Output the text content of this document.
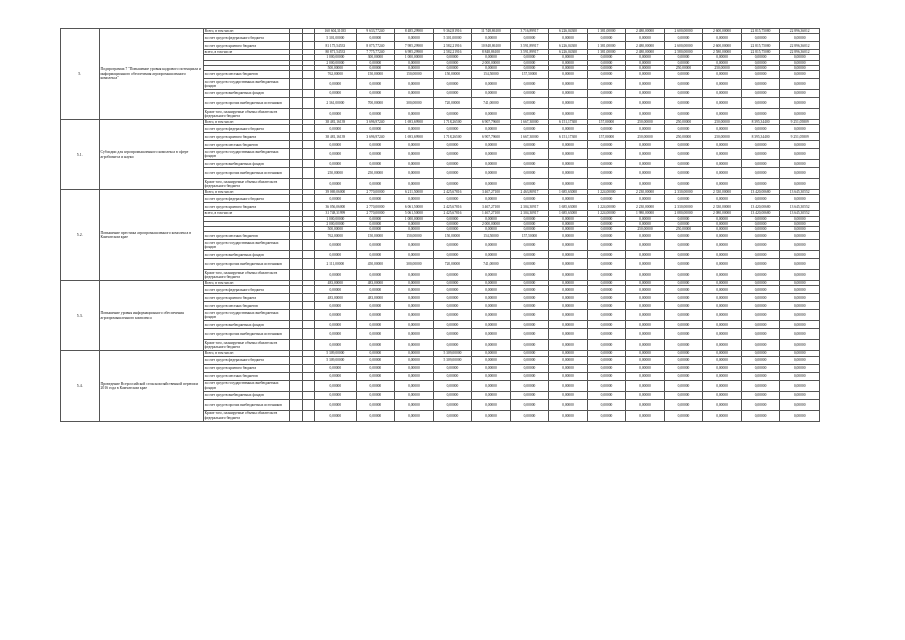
5.	Подпрограмма 7 "Повышение уровня кадрового потенциала и информационного обеспечения агропромышленного комплекса"	Всего, в том числе:			160 604,31035	9 633,77240	8 485,29900	9 362,81916	11 748,86100	3 716,89917	6 226,04300	1 381,00000	2 480,00000	2 600,00000	2 600,00000	22 815,75080	22 896,36012
		за счет средств федерального бюджета			5 301,00000	0,00000	0,00000	5 301,00000	0,00000	0,00000	0,00000	0,00000	0,00000	0,00000	0,00000	0,00000	0,00000
		за счет средств краевого бюджета			81 175,54533	8 075,77240	7 985,29900	2 582,21916	10 848,86100	3 591,89917	6 226,04300	1 381,00000	2 480,00000	2 600,00000	2 600,00000	22 815,75080	22 896,36012
		всего, в том числе			80 871,54533	7 775,77240	6 985,29900	2 582,21916	8 848,86100	3 591,89917	6 226,04300	1 381,00000	2 480,00000	2 580,00000	2 580,00000	22 815,75080	22 896,36012
					1 000,00000	300,00000	1 000,00000	0,00000	0,00000	0,00000	0,00000	0,00000	0,00000	0,00000	0,00000	0,00000	0,00000
					2 000,00000	0,00000	0,00000	0,00000	2 000,00000	0,00000	0,00000	0,00000	0,00000	0,00000	0,00000	0,00000	0,00000
					500,00000	0,00000	0,00000	0,00000	0,00000	0,00000	0,00000	0,00000	0,00000	250,00000	250,00000	0,00000	0,00000
		за счет средств местных бюджетов			762,00000	150,00000	150,00000	150,00000	154,50000	157,50000	0,00000	0,00000	0,00000	0,00000	0,00000	0,00000	0,00000
		за счет средств государственных внебюджетных фондов			0,00000	0,00000	0,00000	0,00000	0,00000	0,00000	0,00000	0,00000	0,00000	0,00000	0,00000	0,00000	0,00000
		за счет средств внебюджетных фондов			0,00000	0,00000	0,00000	0,00000	0,00000	0,00000	0,00000	0,00000	0,00000	0,00000	0,00000	0,00000	0,00000
		за счет средств прочих внебюджетных источников			2 361,00000	700,00000	300,00000	720,00000	741,00000	0,00000	0,00000	0,00000	0,00000	0,00000	0,00000	0,00000	0,00000
		Кроме того, планируемые объемы обязательств федерального бюджета			0,00000	0,00000	0,00000	0,00000	0,00000	0,00000	0,00000	0,00000	0,00000	0,00000	0,00000	0,00000	0,00000
5.1.	Субсидии для агропромышленного комплекса в сфере агробизнеса и науки	Всего, в том числе:			38 481,16139	3 696,97240	1 693,69900	1 718,26500	6 907,79600	1 667,30000	6 151,17300	157,00000	250,00000	250,00000	250,00000	8 395,34400	9 251,05809
		за счет средств федерального бюджета			0,00000	0,00000	0,00000	0,00000	0,00000	0,00000	0,00000	0,00000	0,00000	0,00000	0,00000	0,00000	0,00000
		за счет средств краевого бюджета			38 481,16139	3 696,97240	1 693,69900	1 718,26500	6 907,79600	1 667,30000	6 151,17300	157,00000	250,00000	250,00000	250,00000	8 395,34400	9 251,05809
		за счет средств местных бюджетов			0,00000	0,00000	0,00000	0,00000	0,00000	0,00000	0,00000	0,00000	0,00000	0,00000	0,00000	0,00000	0,00000
		за счет средств государственных внебюджетных фондов			0,00000	0,00000	0,00000	0,00000	0,00000	0,00000	0,00000	0,00000	0,00000	0,00000	0,00000	0,00000	0,00000
		за счет средств внебюджетных фондов			0,00000	0,00000	0,00000	0,00000	0,00000	0,00000	0,00000	0,00000	0,00000	0,00000	0,00000	0,00000	0,00000
		за счет средств прочих внебюджетных источников			250,00000	250,00000	0,00000	0,00000	0,00000	0,00000	0,00000	0,00000	0,00000	0,00000	0,00000	0,00000	0,00000
		Кроме того, планируемые объемы обязательств федерального бюджета			0,00000	0,00000	0,00000	0,00000	0,00000	0,00000	0,00000	0,00000	0,00000	0,00000	0,00000	0,00000	0,00000
5.2.	Повышение престижа агропромышленного комплекса в Камчатском крае	Всего, в том числе:			39 069,06000	2 770,00000	6 211,50000	2 425,67816	3 467,27100	2 463,80917	1 685,63000	1 224,00000	2 230,00000	2 330,00000	2 330,00000	13 420,00680	13 645,30552
		за счет средств федерального бюджета			0,00000	0,00000	0,00000	0,00000	0,00000	0,00000	0,00000	0,00000	0,00000	0,00000	0,00000	0,00000	0,00000
		за счет средств краевого бюджета			36 056,06000	2 770,00000	6 061,50000	2 425,67816	3 467,27100	2 304,30917	1 685,63000	1 224,00000	2 230,00000	2 330,00000	2 330,00000	13 420,00680	13 645,30552
		всего, в том числе			31 748,31999	2 770,00000	5 061,50000	2 425,67816	1 467,27100	2 304,30917	1 685,63000	1 224,00000	1 980,00000	2 080,00000	2 080,00000	13 420,00680	13 645,30552
					1 000,00000	0,00000	1 000,00000	0,00000	0,00000	0,00000	0,00000	0,00000	0,00000	0,00000	0,00000	0,00000	0,00000
					2 000,00000	0,00000	0,00000	0,00000	2 000,00000	0,00000	0,00000	0,00000	0,00000	0,00000	0,00000	0,00000	0,00000
					500,00000	0,00000	0,00000	0,00000	0,00000	0,00000	0,00000	0,00000	250,00000	250,00000	0,00000	0,00000	0,00000
		за счет средств местных бюджетов			762,00000	150,00000	150,00000	150,00000	154,50000	157,50000	0,00000	0,00000	0,00000	0,00000	0,00000	0,00000	0,00000
		за счет средств государственных внебюджетных фондов			0,00000	0,00000	0,00000	0,00000	0,00000	0,00000	0,00000	0,00000	0,00000	0,00000	0,00000	0,00000	0,00000
		за счет средств внебюджетных фондов			0,00000	0,00000	0,00000	0,00000	0,00000	0,00000	0,00000	0,00000	0,00000	0,00000	0,00000	0,00000	0,00000
		за счет средств прочих внебюджетных источников			2 111,00000	450,00000	300,00000	720,00000	741,00000	0,00000	0,00000	0,00000	0,00000	0,00000	0,00000	0,00000	0,00000
		Кроме того, планируемые объемы обязательств федерального бюджета			0,00000	0,00000	0,00000	0,00000	0,00000	0,00000	0,00000	0,00000	0,00000	0,00000	0,00000	0,00000	0,00000
5.3.	Повышение уровня информационного обеспечения агропромышленного комплекса	Всего, в том числе:			483,00000	483,00000	0,00000	0,00000	0,00000	0,00000	0,00000	0,00000	0,00000	0,00000	0,00000	0,00000	0,00000
		за счет средств федерального бюджета			0,00000	0,00000	0,00000	0,00000	0,00000	0,00000	0,00000	0,00000	0,00000	0,00000	0,00000	0,00000	0,00000
		за счет средств краевого бюджета			483,00000	483,00000	0,00000	0,00000	0,00000	0,00000	0,00000	0,00000	0,00000	0,00000	0,00000	0,00000	0,00000
		за счет средств местных бюджетов			0,00000	0,00000	0,00000	0,00000	0,00000	0,00000	0,00000	0,00000	0,00000	0,00000	0,00000	0,00000	0,00000
		за счет средств государственных внебюджетных фондов			0,00000	0,00000	0,00000	0,00000	0,00000	0,00000	0,00000	0,00000	0,00000	0,00000	0,00000	0,00000	0,00000
		за счет средств внебюджетных фондов			0,00000	0,00000	0,00000	0,00000	0,00000	0,00000	0,00000	0,00000	0,00000	0,00000	0,00000	0,00000	0,00000
		за счет средств прочих внебюджетных источников			0,00000	0,00000	0,00000	0,00000	0,00000	0,00000	0,00000	0,00000	0,00000	0,00000	0,00000	0,00000	0,00000
		Кроме того, планируемые объемы обязательств федерального бюджета			0,00000	0,00000	0,00000	0,00000	0,00000	0,00000	0,00000	0,00000	0,00000	0,00000	0,00000	0,00000	0,00000
5.4.	Проведение Всероссийской сельскохозяйственной переписи 2016 года в Камчатском крае	Всего, в том числе:			5 309,00000	0,00000	0,00000	5 309,00000	0,00000	0,00000	0,00000	0,00000	0,00000	0,00000	0,00000	0,00000	0,00000
		за счет средств федерального бюджета			5 309,00000	0,00000	0,00000	5 309,00000	0,00000	0,00000	0,00000	0,00000	0,00000	0,00000	0,00000	0,00000	0,00000
		за счет средств краевого бюджета			0,00000	0,00000	0,00000	0,00000	0,00000	0,00000	0,00000	0,00000	0,00000	0,00000	0,00000	0,00000	0,00000
		за счет средств местных бюджетов			0,00000	0,00000	0,00000	0,00000	0,00000	0,00000	0,00000	0,00000	0,00000	0,00000	0,00000	0,00000	0,00000
		за счет средств государственных внебюджетных фондов			0,00000	0,00000	0,00000	0,00000	0,00000	0,00000	0,00000	0,00000	0,00000	0,00000	0,00000	0,00000	0,00000
		за счет средств внебюджетных фондов			0,00000	0,00000	0,00000	0,00000	0,00000	0,00000	0,00000	0,00000	0,00000	0,00000	0,00000	0,00000	0,00000
		за счет средств прочих внебюджетных источников			0,00000	0,00000	0,00000	0,00000	0,00000	0,00000	0,00000	0,00000	0,00000	0,00000	0,00000	0,00000	0,00000
		Кроме того, планируемые объемы обязательств федерального бюджета			0,00000	0,00000	0,00000	0,00000	0,00000	0,00000	0,00000	0,00000	0,00000	0,00000	0,00000	0,00000	0,00000
